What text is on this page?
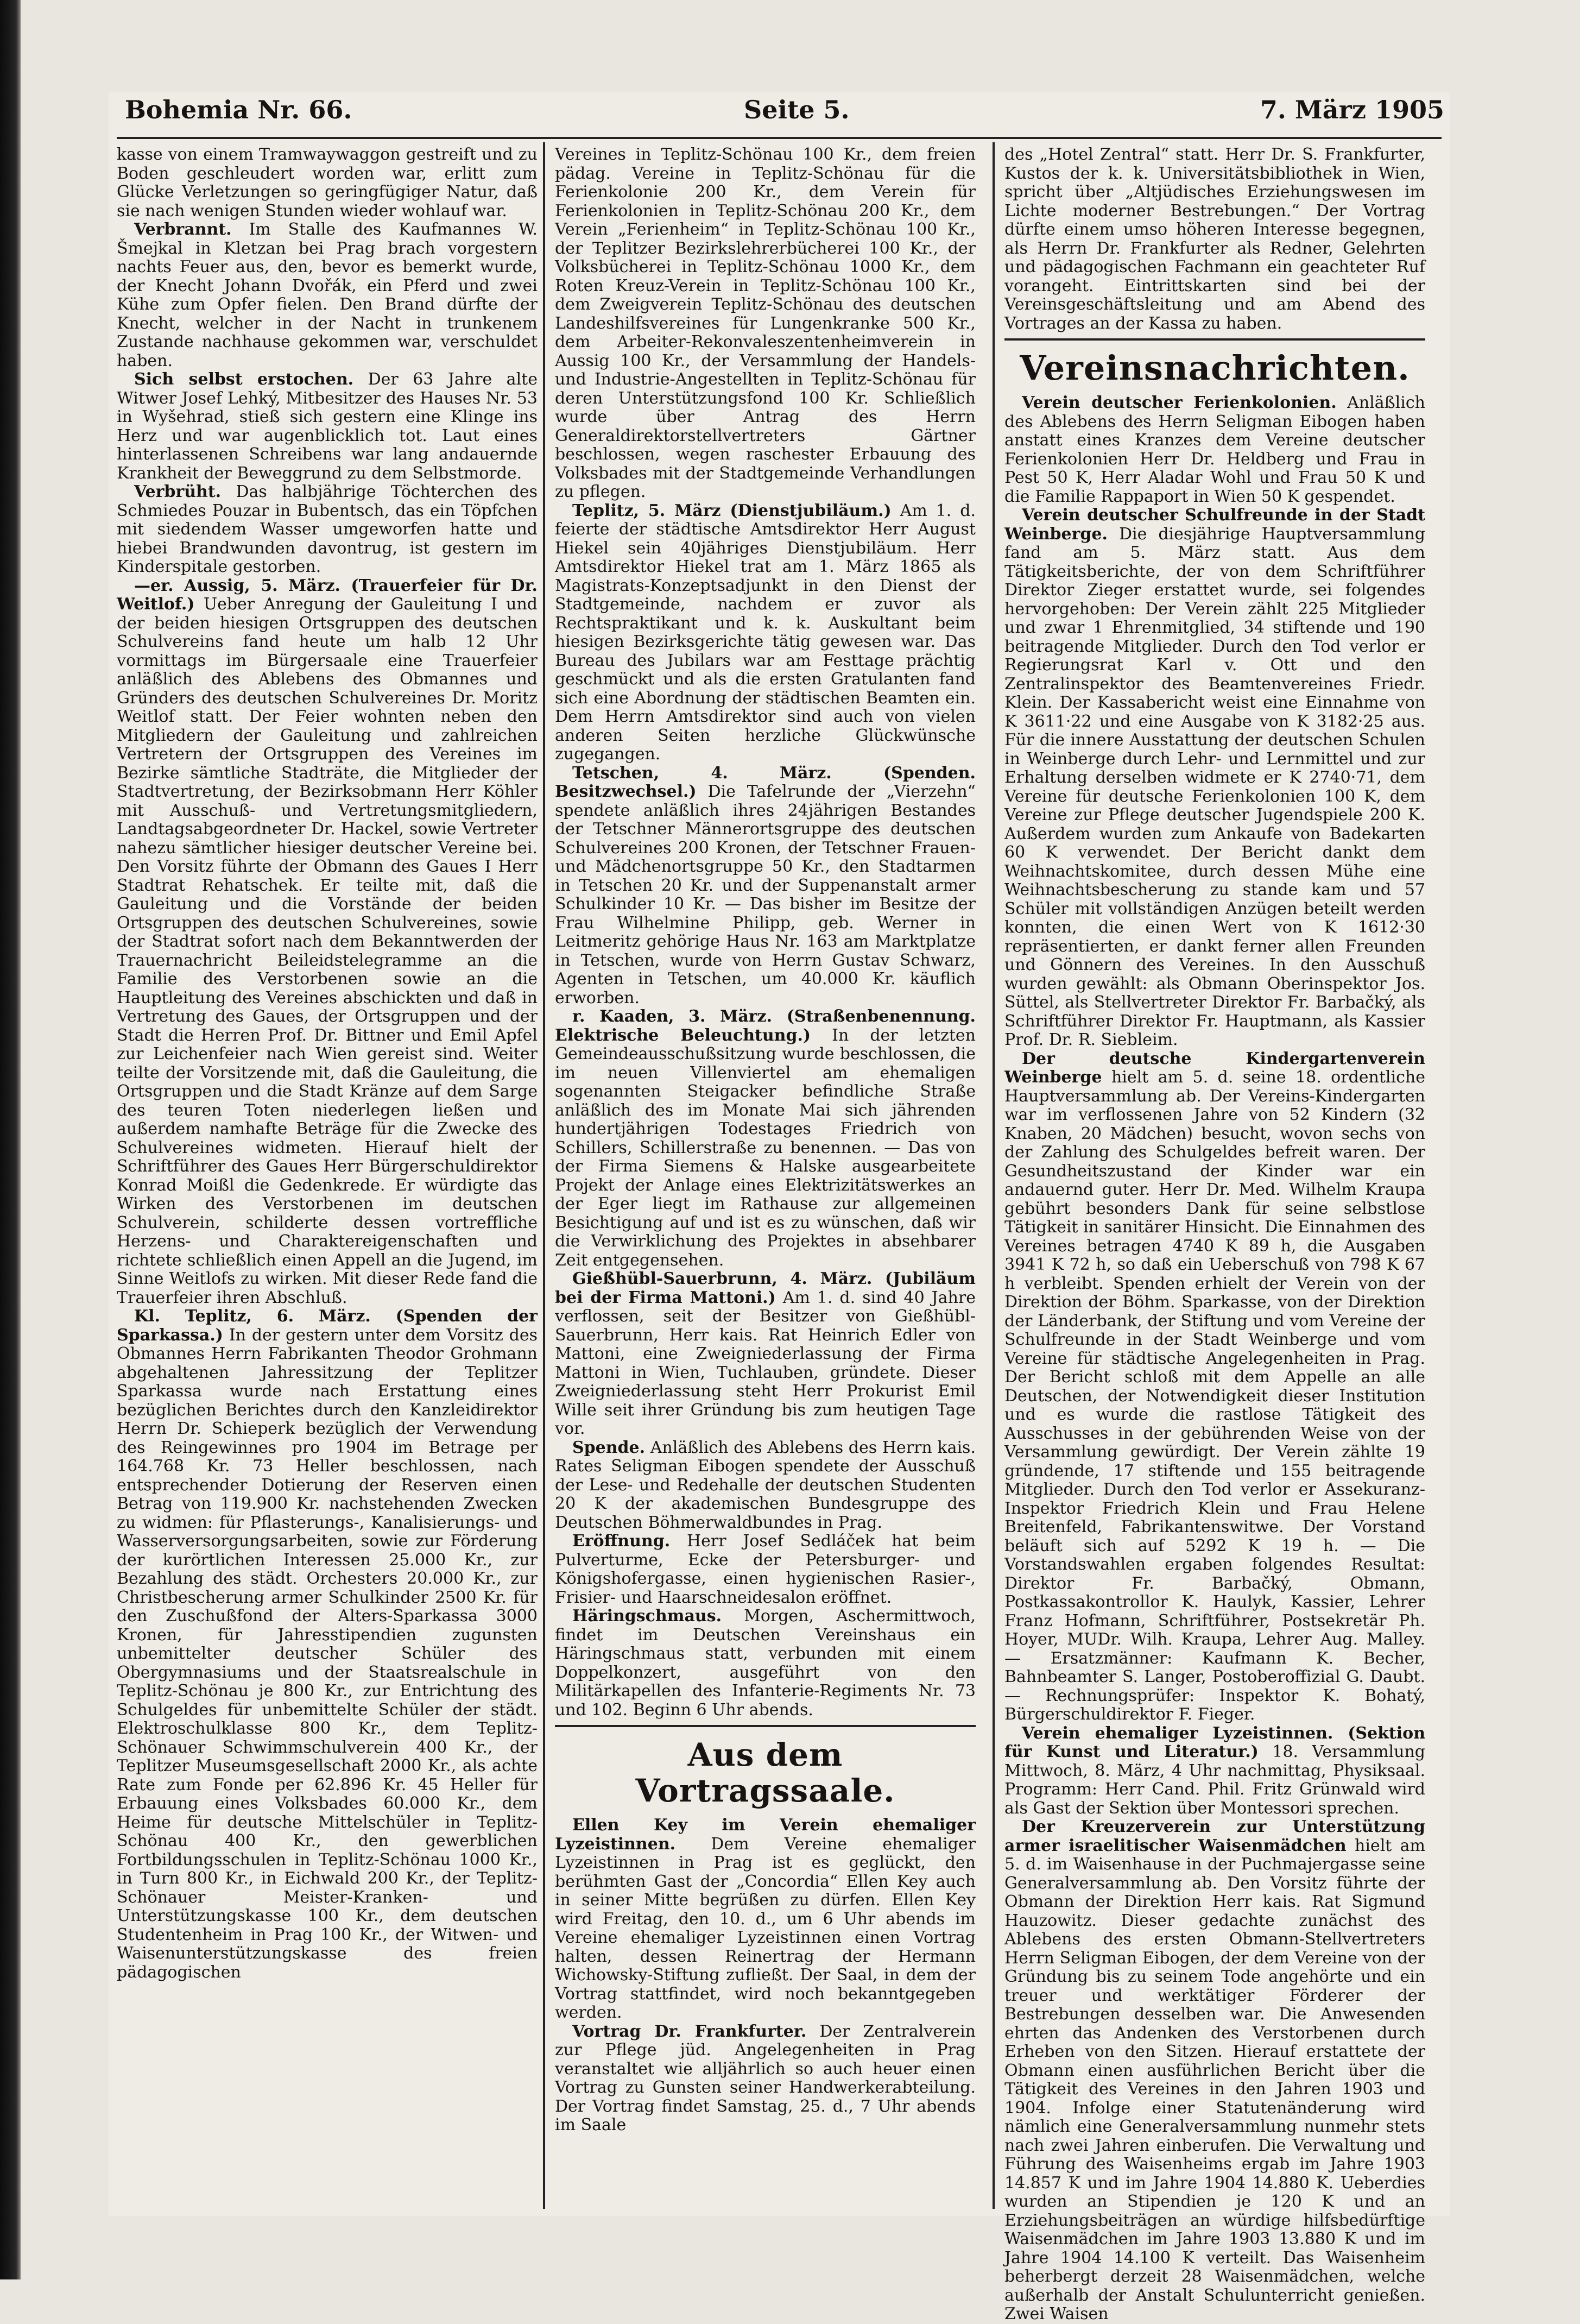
Bohemia Nr. 66.	Seite 5.	7. März 1905

kasse von einem Tramwaywaggon gestreift und zu Boden geschleudert worden war, erlitt zum Glücke Verletzungen so geringfügiger Natur, daß sie nach wenigen Stunden wieder wohlauf war.

Verbrannt. Im Stalle des Kaufmannes W. Šmejkal in Kletzan bei Prag brach vorgestern nachts Feuer aus, den, bevor es bemerkt wurde, der Knecht Johann Dvořák, ein Pferd und zwei Kühe zum Opfer fielen. Den Brand dürfte der Knecht, welcher in der Nacht in trunkenem Zustande nachhause gekommen war, verschuldet haben.

Sich selbst erstochen. Der 63 Jahre alte Witwer Josef Lehký, Mitbesitzer des Hauses Nr. 53 in Wyšehrad, stieß sich gestern eine Klinge ins Herz und war augenblicklich tot. Laut eines hinterlassenen Schreibens war lang andauernde Krankheit der Beweggrund zu dem Selbstmorde.

Verbrüht. Das halbjährige Töchterchen des Schmiedes Pouzar in Bubentsch, das ein Töpfchen mit siedendem Wasser umgeworfen hatte und hiebei Brandwunden davontrug, ist gestern im Kinderspitale gestorben.

—er. Aussig, 5. März. (Trauerfeier für Dr. Weitlof.) Ueber Anregung der Gauleitung I und der beiden hiesigen Ortsgruppen des deutschen Schulvereins fand heute um halb 12 Uhr vormittags im Bürgersaale eine Trauerfeier anläßlich des Ablebens des Obmannes und Gründers des deutschen Schulvereines Dr. Moritz Weitlof statt. Der Feier wohnten neben den Mitgliedern der Gauleitung und zahlreichen Vertretern der Ortsgruppen des Vereines im Bezirke sämtliche Stadträte, die Mitglieder der Stadtvertretung, der Bezirksobmann Herr Köhler mit Ausschuß- und Vertretungsmitgliedern, Landtagsabgeordneter Dr. Hackel, sowie Vertreter nahezu sämtlicher hiesiger deutscher Vereine bei. Den Vorsitz führte der Obmann des Gaues I Herr Stadtrat Rehatschek. Er teilte mit, daß die Gauleitung und die Vorstände der beiden Ortsgruppen des deutschen Schulvereines, sowie der Stadtrat sofort nach dem Bekanntwerden der Trauernachricht Beileidstelegramme an die Familie des Verstorbenen sowie an die Hauptleitung des Vereines abschickten und daß in Vertretung des Gaues, der Ortsgruppen und der Stadt die Herren Prof. Dr. Bittner und Emil Apfel zur Leichenfeier nach Wien gereist sind. Weiter teilte der Vorsitzende mit, daß die Gauleitung, die Ortsgruppen und die Stadt Kränze auf dem Sarge des teuren Toten niederlegen ließen und außerdem namhafte Beträge für die Zwecke des Schulvereines widmeten. Hierauf hielt der Schriftführer des Gaues Herr Bürgerschuldirektor Konrad Moißl die Gedenkrede. Er würdigte das Wirken des Verstorbenen im deutschen Schulverein, schilderte dessen vortreffliche Herzens- und Charaktereigenschaften und richtete schließlich einen Appell an die Jugend, im Sinne Weitlofs zu wirken. Mit dieser Rede fand die Trauerfeier ihren Abschluß.

Kl. Teplitz, 6. März. (Spenden der Sparkassa.) In der gestern unter dem Vorsitz des Obmannes Herrn Fabrikanten Theodor Grohmann abgehaltenen Jahressitzung der Teplitzer Sparkassa wurde nach Erstattung eines bezüglichen Berichtes durch den Kanzleidirektor Herrn Dr. Schieperk bezüglich der Verwendung des Reingewinnes pro 1904 im Betrage per 164.768 Kr. 73 Heller beschlossen, nach entsprechender Dotierung der Reserven einen Betrag von 119.900 Kr. nachstehenden Zwecken zu widmen: für Pflasterungs-, Kanalisierungs- und Wasserversorgungsarbeiten, sowie zur Förderung der kurörtlichen Interessen 25.000 Kr., zur Bezahlung des städt. Orchesters 20.000 Kr., zur Christbescherung armer Schulkinder 2500 Kr. für den Zuschußfond der Alters-Sparkassa 3000 Kronen, für Jahresstipendien zugunsten unbemittelter deutscher Schüler des Obergymnasiums und der Staatsrealschule in Teplitz-Schönau je 800 Kr., zur Entrichtung des Schulgeldes für unbemittelte Schüler der städt. Elektroschulklasse 800 Kr., dem Teplitz-Schönauer Schwimmschulverein 400 Kr., der Teplitzer Museumsgesellschaft 2000 Kr., als achte Rate zum Fonde per 62.896 Kr. 45 Heller für Erbauung eines Volksbades 60.000 Kr., dem Heime für deutsche Mittelschüler in Teplitz-Schönau 400 Kr., den gewerblichen Fortbildungsschulen in Teplitz-Schönau 1000 Kr., in Turn 800 Kr., in Eichwald 200 Kr., der Teplitz-Schönauer Meister-Kranken- und Unterstützungskasse 100 Kr., dem deutschen Studentenheim in Prag 100 Kr., der Witwen- und Waisenunterstützungskasse des freien pädagogischen

Vereines in Teplitz-Schönau 100 Kr., dem freien pädag. Vereine in Teplitz-Schönau für die Ferienkolonie 200 Kr., dem Verein für Ferienkolonien in Teplitz-Schönau 200 Kr., dem Verein „Ferienheim“ in Teplitz-Schönau 100 Kr., der Teplitzer Bezirkslehrerbücherei 100 Kr., der Volksbücherei in Teplitz-Schönau 1000 Kr., dem Roten Kreuz-Verein in Teplitz-Schönau 100 Kr., dem Zweigverein Teplitz-Schönau des deutschen Landeshilfsvereines für Lungenkranke 500 Kr., dem Arbeiter-Rekonvaleszentenheimverein in Aussig 100 Kr., der Versammlung der Handels- und Industrie-Angestellten in Teplitz-Schönau für deren Unterstützungsfond 100 Kr. Schließlich wurde über Antrag des Herrn Generaldirektorstellvertreters Gärtner beschlossen, wegen raschester Erbauung des Volksbades mit der Stadtgemeinde Verhandlungen zu pflegen.

Teplitz, 5. März (Dienstjubiläum.) Am 1. d. feierte der städtische Amtsdirektor Herr August Hiekel sein 40jähriges Dienstjubiläum. Herr Amtsdirektor Hiekel trat am 1. März 1865 als Magistrats-Konzeptsadjunkt in den Dienst der Stadtgemeinde, nachdem er zuvor als Rechtspraktikant und k. k. Auskultant beim hiesigen Bezirksgerichte tätig gewesen war. Das Bureau des Jubilars war am Festtage prächtig geschmückt und als die ersten Gratulanten fand sich eine Abordnung der städtischen Beamten ein. Dem Herrn Amtsdirektor sind auch von vielen anderen Seiten herzliche Glückwünsche zugegangen.

Tetschen, 4. März. (Spenden. Besitzwechsel.) Die Tafelrunde der „Vierzehn“ spendete anläßlich ihres 24jährigen Bestandes der Tetschner Männerortsgruppe des deutschen Schulvereines 200 Kronen, der Tetschner Frauen- und Mädchenortsgruppe 50 Kr., den Stadtarmen in Tetschen 20 Kr. und der Suppenanstalt armer Schulkinder 10 Kr. — Das bisher im Besitze der Frau Wilhelmine Philipp, geb. Werner in Leitmeritz gehörige Haus Nr. 163 am Marktplatze in Tetschen, wurde von Herrn Gustav Schwarz, Agenten in Tetschen, um 40.000 Kr. käuflich erworben.

r. Kaaden, 3. März. (Straßenbenennung. Elektrische Beleuchtung.) In der letzten Gemeindeausschußsitzung wurde beschlossen, die im neuen Villenviertel am ehemaligen sogenannten Steigacker befindliche Straße anläßlich des im Monate Mai sich jährenden hundertjährigen Todestages Friedrich von Schillers, Schillerstraße zu benennen. — Das von der Firma Siemens & Halske ausgearbeitete Projekt der Anlage eines Elektrizitätswerkes an der Eger liegt im Rathause zur allgemeinen Besichtigung auf und ist es zu wünschen, daß wir die Verwirklichung des Projektes in absehbarer Zeit entgegensehen.

Gießhübl-Sauerbrunn, 4. März. (Jubiläum bei der Firma Mattoni.) Am 1. d. sind 40 Jahre verflossen, seit der Besitzer von Gießhübl-Sauerbrunn, Herr kais. Rat Heinrich Edler von Mattoni, eine Zweigniederlassung der Firma Mattoni in Wien, Tuchlauben, gründete. Dieser Zweigniederlassung steht Herr Prokurist Emil Wille seit ihrer Gründung bis zum heutigen Tage vor.

Spende. Anläßlich des Ablebens des Herrn kais. Rates Seligman Eibogen spendete der Ausschuß der Lese- und Redehalle der deutschen Studenten 20 K der akademischen Bundesgruppe des Deutschen Böhmerwaldbundes in Prag.

Eröffnung. Herr Josef Sedláček hat beim Pulverturme, Ecke der Petersburger- und Königshofergasse, einen hygienischen Rasier-, Frisier- und Haarschneidesalon eröffnet.

Häringschmaus. Morgen, Aschermittwoch, findet im Deutschen Vereinshaus ein Häringschmaus statt, verbunden mit einem Doppelkonzert, ausgeführt von den Militärkapellen des Infanterie-Regiments Nr. 73 und 102. Beginn 6 Uhr abends.

Aus dem Vortragssaale.

Ellen Key im Verein ehemaliger Lyzeistinnen. Dem Vereine ehemaliger Lyzeistinnen in Prag ist es geglückt, den berühmten Gast der „Concordia“ Ellen Key auch in seiner Mitte begrüßen zu dürfen. Ellen Key wird Freitag, den 10. d., um 6 Uhr abends im Vereine ehemaliger Lyzeistinnen einen Vortrag halten, dessen Reinertrag der Hermann Wichowsky-Stiftung zufließt. Der Saal, in dem der Vortrag stattfindet, wird noch bekanntgegeben werden.

Vortrag Dr. Frankfurter. Der Zentralverein zur Pflege jüd. Angelegenheiten in Prag veranstaltet wie alljährlich so auch heuer einen Vortrag zu Gunsten seiner Handwerkerabteilung. Der Vortrag findet Samstag, 25. d., 7 Uhr abends im Saale

des „Hotel Zentral“ statt. Herr Dr. S. Frankfurter, Kustos der k. k. Universitätsbibliothek in Wien, spricht über „Altjüdisches Erziehungswesen im Lichte moderner Bestrebungen.“ Der Vortrag dürfte einem umso höheren Interesse begegnen, als Herrn Dr. Frankfurter als Redner, Gelehrten und pädagogischen Fachmann ein geachteter Ruf vorangeht. Eintrittskarten sind bei der Vereinsgeschäftsleitung und am Abend des Vortrages an der Kassa zu haben.

Vereinsnachrichten.

Verein deutscher Ferienkolonien. Anläßlich des Ablebens des Herrn Seligman Eibogen haben anstatt eines Kranzes dem Vereine deutscher Ferienkolonien Herr Dr. Heldberg und Frau in Pest 50 K, Herr Aladar Wohl und Frau 50 K und die Familie Rappaport in Wien 50 K gespendet.

Verein deutscher Schulfreunde in der Stadt Weinberge. Die diesjährige Hauptversammlung fand am 5. März statt. Aus dem Tätigkeitsberichte, der von dem Schriftführer Direktor Zieger erstattet wurde, sei folgendes hervorgehoben: Der Verein zählt 225 Mitglieder und zwar 1 Ehrenmitglied, 34 stiftende und 190 beitragende Mitglieder. Durch den Tod verlor er Regierungsrat Karl v. Ott und den Zentralinspektor des Beamtenvereines Friedr. Klein. Der Kassabericht weist eine Einnahme von K 3611·22 und eine Ausgabe von K 3182·25 aus. Für die innere Ausstattung der deutschen Schulen in Weinberge durch Lehr- und Lernmittel und zur Erhaltung derselben widmete er K 2740·71, dem Vereine für deutsche Ferienkolonien 100 K, dem Vereine zur Pflege deutscher Jugendspiele 200 K. Außerdem wurden zum Ankaufe von Badekarten 60 K verwendet. Der Bericht dankt dem Weihnachtskomitee, durch dessen Mühe eine Weihnachtsbescherung zu stande kam und 57 Schüler mit vollständigen Anzügen beteilt werden konnten, die einen Wert von K 1612·30 repräsentierten, er dankt ferner allen Freunden und Gönnern des Vereines. In den Ausschuß wurden gewählt: als Obmann Oberinspektor Jos. Süttel, als Stellvertreter Direktor Fr. Barbačký, als Schriftführer Direktor Fr. Hauptmann, als Kassier Prof. Dr. R. Siebleim.

Der deutsche Kindergartenverein Weinberge hielt am 5. d. seine 18. ordentliche Hauptversammlung ab. Der Vereins-Kindergarten war im verflossenen Jahre von 52 Kindern (32 Knaben, 20 Mädchen) besucht, wovon sechs von der Zahlung des Schulgeldes befreit waren. Der Gesundheitszustand der Kinder war ein andauernd guter. Herr Dr. Med. Wilhelm Kraupa gebührt besonders Dank für seine selbstlose Tätigkeit in sanitärer Hinsicht. Die Einnahmen des Vereines betragen 4740 K 89 h, die Ausgaben 3941 K 72 h, so daß ein Ueberschuß von 798 K 67 h verbleibt. Spenden erhielt der Verein von der Direktion der Böhm. Sparkasse, von der Direktion der Länderbank, der Stiftung und vom Vereine der Schulfreunde in der Stadt Weinberge und vom Vereine für städtische Angelegenheiten in Prag. Der Bericht schloß mit dem Appelle an alle Deutschen, der Notwendigkeit dieser Institution und es wurde die rastlose Tätigkeit des Ausschusses in der gebührenden Weise von der Versammlung gewürdigt. Der Verein zählte 19 gründende, 17 stiftende und 155 beitragende Mitglieder. Durch den Tod verlor er Assekuranz-Inspektor Friedrich Klein und Frau Helene Breitenfeld, Fabrikantenswitwe. Der Vorstand beläuft sich auf 5292 K 19 h. — Die Vorstandswahlen ergaben folgendes Resultat: Direktor Fr. Barbačký, Obmann, Postkassakontrollor K. Haulyk, Kassier, Lehrer Franz Hofmann, Schriftführer, Postsekretär Ph. Hoyer, MUDr. Wilh. Kraupa, Lehrer Aug. Malley. — Ersatzmänner: Kaufmann K. Becher, Bahnbeamter S. Langer, Postoberoffizial G. Daubt. — Rechnungsprüfer: Inspektor K. Bohatý, Bürgerschuldirektor F. Fieger.

Verein ehemaliger Lyzeistinnen. (Sektion für Kunst und Literatur.) 18. Versammlung Mittwoch, 8. März, 4 Uhr nachmittag, Physiksaal. Programm: Herr Cand. Phil. Fritz Grünwald wird als Gast der Sektion über Montessori sprechen.

Der Kreuzerverein zur Unterstützung armer israelitischer Waisenmädchen hielt am 5. d. im Waisenhause in der Puchmajergasse seine Generalversammlung ab. Den Vorsitz führte der Obmann der Direktion Herr kais. Rat Sigmund Hauzowitz. Dieser gedachte zunächst des Ablebens des ersten Obmann-Stellvertreters Herrn Seligman Eibogen, der dem Vereine von der Gründung bis zu seinem Tode angehörte und ein treuer und werktätiger Förderer der Bestrebungen desselben war. Die Anwesenden ehrten das Andenken des Verstorbenen durch Erheben von den Sitzen. Hierauf erstattete der Obmann einen ausführlichen Bericht über die Tätigkeit des Vereines in den Jahren 1903 und 1904. Infolge einer Statutenänderung wird nämlich eine Generalversammlung nunmehr stets nach zwei Jahren einberufen. Die Verwaltung und Führung des Waisenheims ergab im Jahre 1903 14.857 K und im Jahre 1904 14.880 K. Ueberdies wurden an Stipendien je 120 K und an Erziehungsbeiträgen an würdige hilfsbedürftige Waisenmädchen im Jahre 1903 13.880 K und im Jahre 1904 14.100 K verteilt. Das Waisenheim beherbergt derzeit 28 Waisenmädchen, welche außerhalb der Anstalt Schulunterricht genießen. Zwei Waisen
